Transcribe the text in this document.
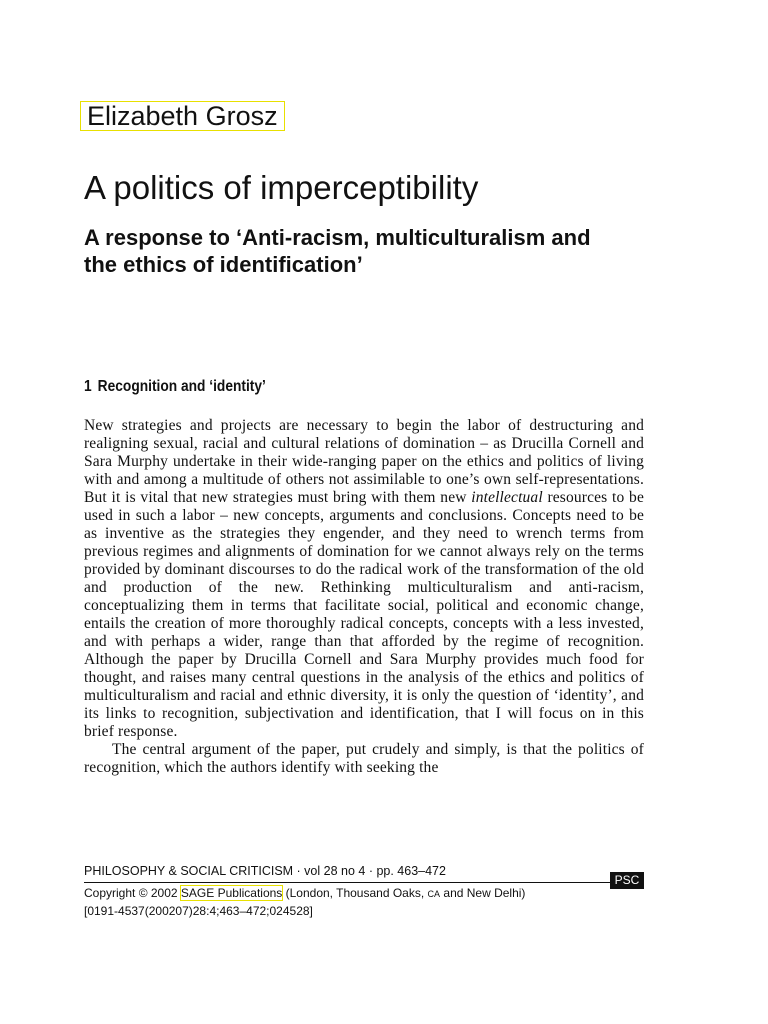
Elizabeth Grosz
A politics of imperceptibility
A response to ‘Anti-racism, multiculturalism and the ethics of identification’
1 Recognition and ‘identity’

New strategies and projects are necessary to begin the labor of destructuring and realigning sexual, racial and cultural relations of domination – as Drucilla Cornell and Sara Murphy undertake in their wide-ranging paper on the ethics and politics of living with and among a multitude of others not assimilable to one’s own self-representations. But it is vital that new strategies must bring with them new intellectual resources to be used in such a labor – new concepts, arguments and conclusions. Concepts need to be as inventive as the strategies they engender, and they need to wrench terms from previous regimes and alignments of domination for we cannot always rely on the terms provided by dominant discourses to do the radical work of the transformation of the old and production of the new. Rethinking multiculturalism and anti-racism, conceptualizing them in terms that facilitate social, political and economic change, entails the creation of more thoroughly radical concepts, concepts with a less invested, and with perhaps a wider, range than that afforded by the regime of recognition. Although the paper by Drucilla Cornell and Sara Murphy provides much food for thought, and raises many central questions in the analysis of the ethics and politics of multiculturalism and racial and ethnic diversity, it is only the question of ‘identity’, and its links to recognition, subjectivation and identification, that I will focus on in this brief response.

The central argument of the paper, put crudely and simply, is that the politics of recognition, which the authors identify with seeking the

PHILOSOPHY & SOCIAL CRITICISM · vol 28 no 4 · pp. 463–472
PSC
Copyright © 2002 SAGE Publications (London, Thousand Oaks, CA and New Delhi)
[0191-4537(200207)28:4;463–472;024528]
